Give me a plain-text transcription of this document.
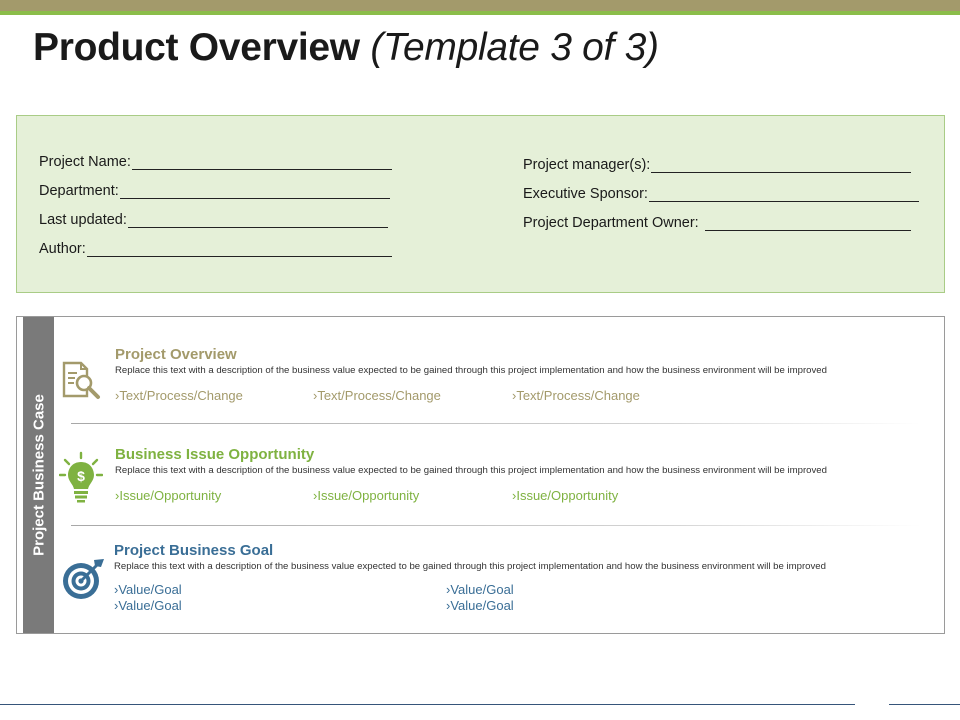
Product Overview (Template 3 of 3)
Project Name:
Department:
Last updated:
Author:
Project manager(s):
Executive Sponsor:
Project Department Owner:
Project Business Case
Project Overview
Replace this text with a description of the business value expected to be gained through this project implementation and how the business environment will be improved
›Text/Process/Change	›Text/Process/Change	›Text/Process/Change
$
Business Issue Opportunity
Replace this text with a description of the business value expected to be gained through this project implementation and how the business environment will be improved
›Issue/Opportunity	›Issue/Opportunity	›Issue/Opportunity
Project Business Goal
Replace this text with a description of the business value expected to be gained through this project implementation and how the business environment will be improved
›Value/Goal	›Value/Goal
›Value/Goal	›Value/Goal
